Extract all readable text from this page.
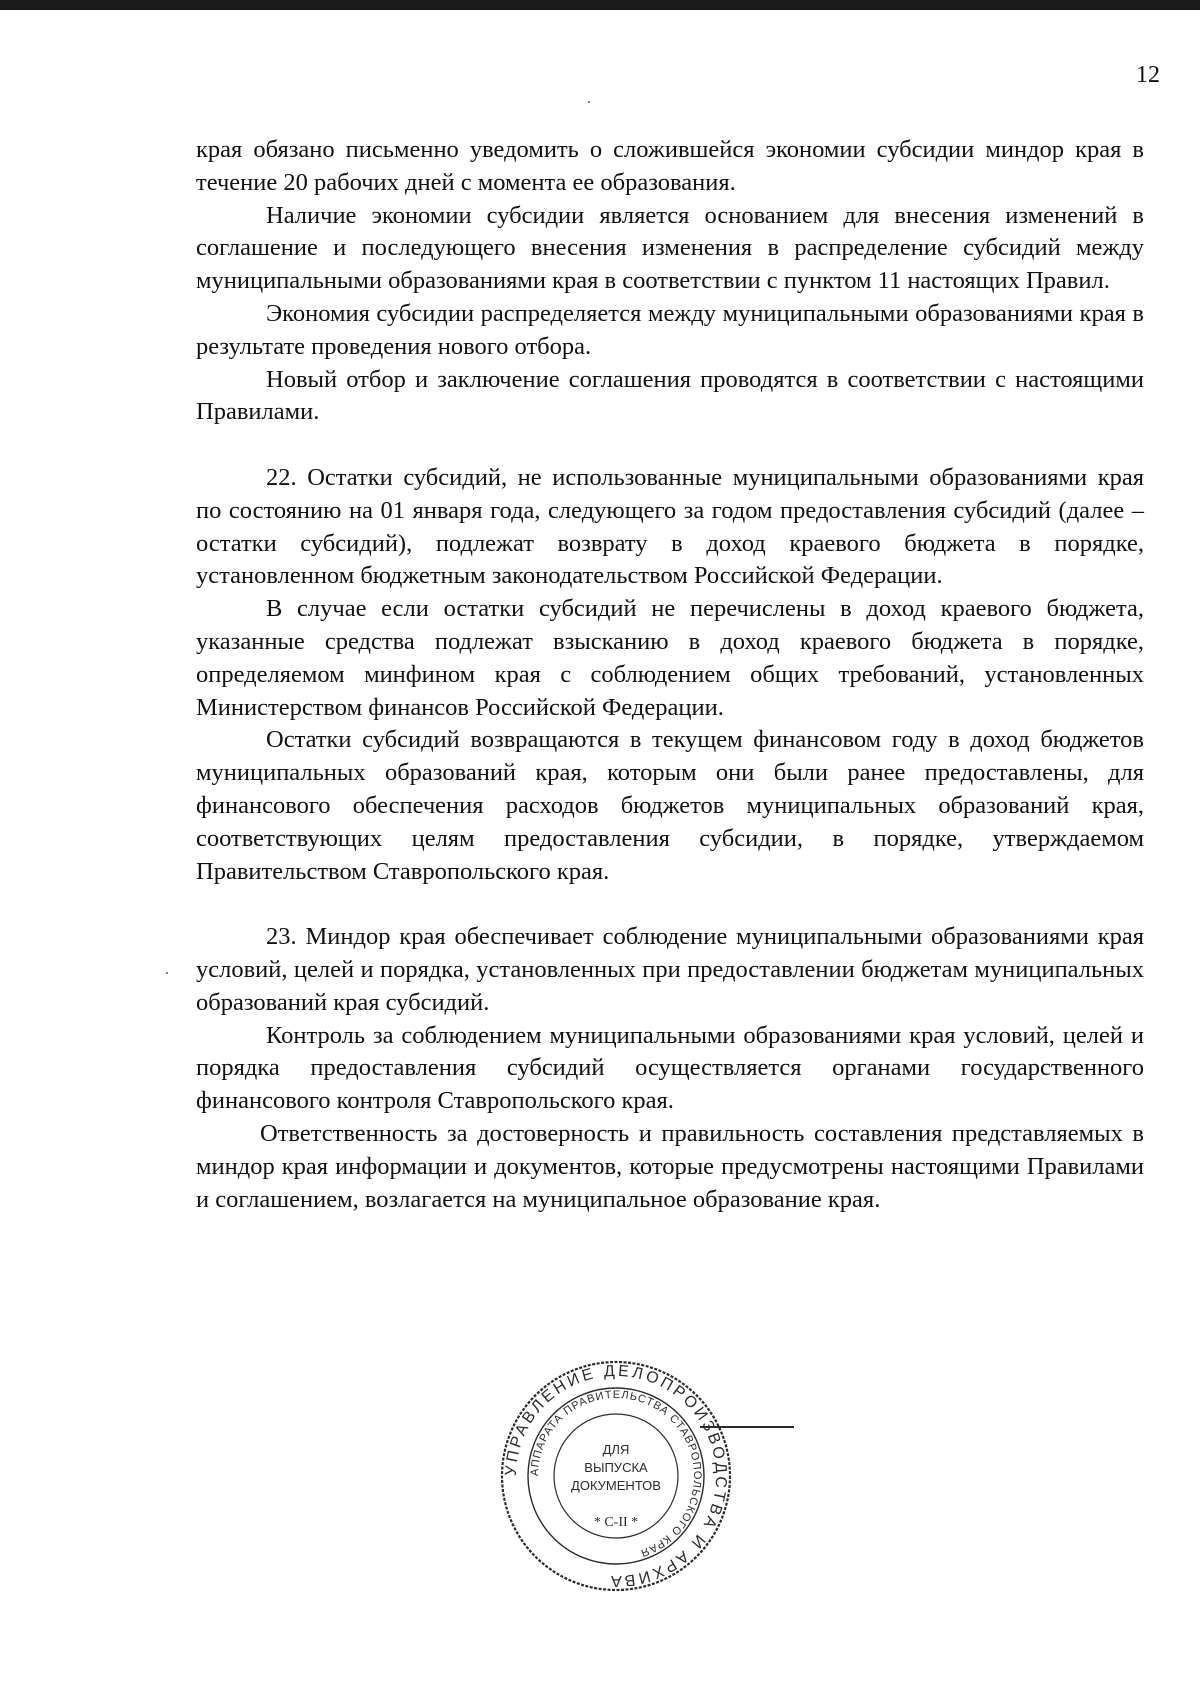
12

края обязано письменно уведомить о сложившейся экономии субсидии миндор края в течение 20 рабочих дней с момента ее образования.

Наличие экономии субсидии является основанием для внесения изменений в соглашение и последующего внесения изменения в распределение субсидий между муниципальными образованиями края в соответствии с пунктом 11 настоящих Правил.

Экономия субсидии распределяется между муниципальными образованиями края в результате проведения нового отбора.

Новый отбор и заключение соглашения проводятся в соответствии с настоящими Правилами.

22. Остатки субсидий, не использованные муниципальными образованиями края по состоянию на 01 января года, следующего за годом предоставления субсидий (далее – остатки субсидий), подлежат возврату в доход краевого бюджета в порядке, установленном бюджетным законодательством Российской Федерации.

В случае если остатки субсидий не перечислены в доход краевого бюджета, указанные средства подлежат взысканию в доход краевого бюджета в порядке, определяемом минфином края с соблюдением общих требований, установленных Министерством финансов Российской Федерации.

Остатки субсидий возвращаются в текущем финансовом году в доход бюджетов муниципальных образований края, которым они были ранее предоставлены, для финансового обеспечения расходов бюджетов муниципальных образований края, соответствующих целям предоставления субсидии, в порядке, утверждаемом Правительством Ставропольского края.

23. Миндор края обеспечивает соблюдение муниципальными образованиями края условий, целей и порядка, установленных при предоставлении бюджетам муниципальных образований края субсидий.

Контроль за соблюдением муниципальными образованиями края условий, целей и порядка предоставления субсидий осуществляется органами государственного финансового контроля Ставропольского края.

Ответственность за достоверность и правильность составления представляемых в миндор края информации и документов, которые предусмотрены настоящими Правилами и соглашением, возлагается на муниципальное образование края.

УПРАВЛЕНИЕ ДЕЛОПРОИ ВОДСТВА И АРХИВА
АППАРАТА ПРАВИТЕЛЬСТВА СТАВРОПОЛЬСКОГО КРАЯ
ДЛЯ
ВЫПУСКА
ДОКУМЕНТОВ
* С-II *
